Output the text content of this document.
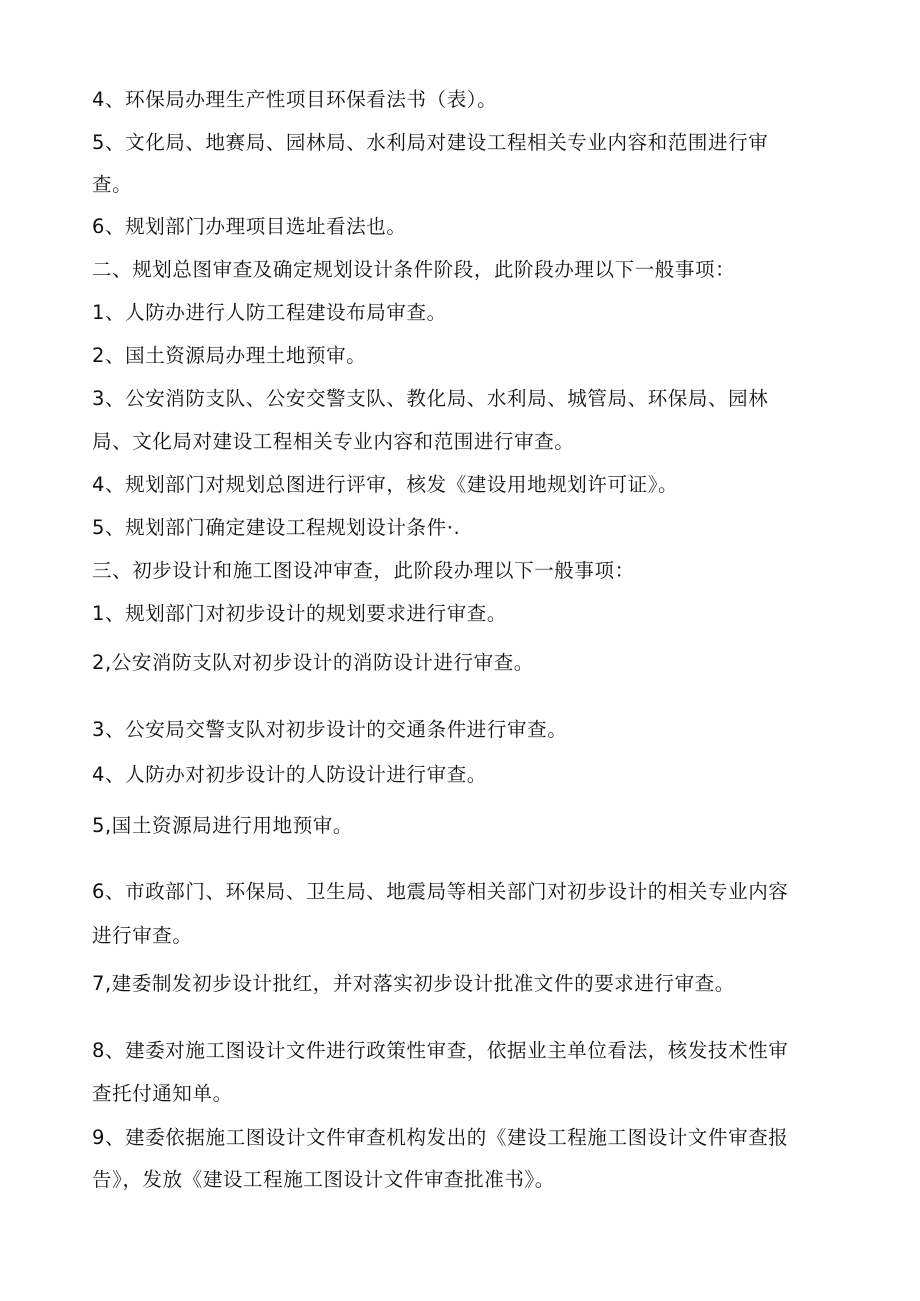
4、环保局办理生产性项目环保看法书（表）。
5、文化局、地赛局、园林局、水利局对建设工程相关专业内容和范围进行审
查。
6、规划部门办理项目选址看法也。
二、规划总图审查及确定规划设计条件阶段，此阶段办理以下一般事项：
1、人防办进行人防工程建设布局审查。
2、国土资源局办理土地预审。
3、公安消防支队、公安交警支队、教化局、水利局、城管局、环保局、园林
局、文化局对建设工程相关专业内容和范围进行审查。
4、规划部门对规划总图进行评审，核发《建设用地规划许可证》。
5、规划部门确定建设工程规划设计条件·.
三、初步设计和施工图设冲审查，此阶段办理以下一般事项：
1、规划部门对初步设计的规划要求进行审查。
2,公安消防支队对初步设计的消防设计进行审查。
3、公安局交警支队对初步设计的交通条件进行审查。
4、人防办对初步设计的人防设计进行审查。
5,国土资源局进行用地预审。
6、市政部门、环保局、卫生局、地震局等相关部门对初步设计的相关专业内容
进行审查。
7,建委制发初步设计批红，并对落实初步设计批准文件的要求进行审查。
8、建委对施工图设计文件进行政策性审查，依据业主单位看法，核发技术性审
查托付通知单。
9、建委依据施工图设计文件审查机构发出的《建设工程施工图设计文件审查报
告》，发放《建设工程施工图设计文件审查批准书》。
